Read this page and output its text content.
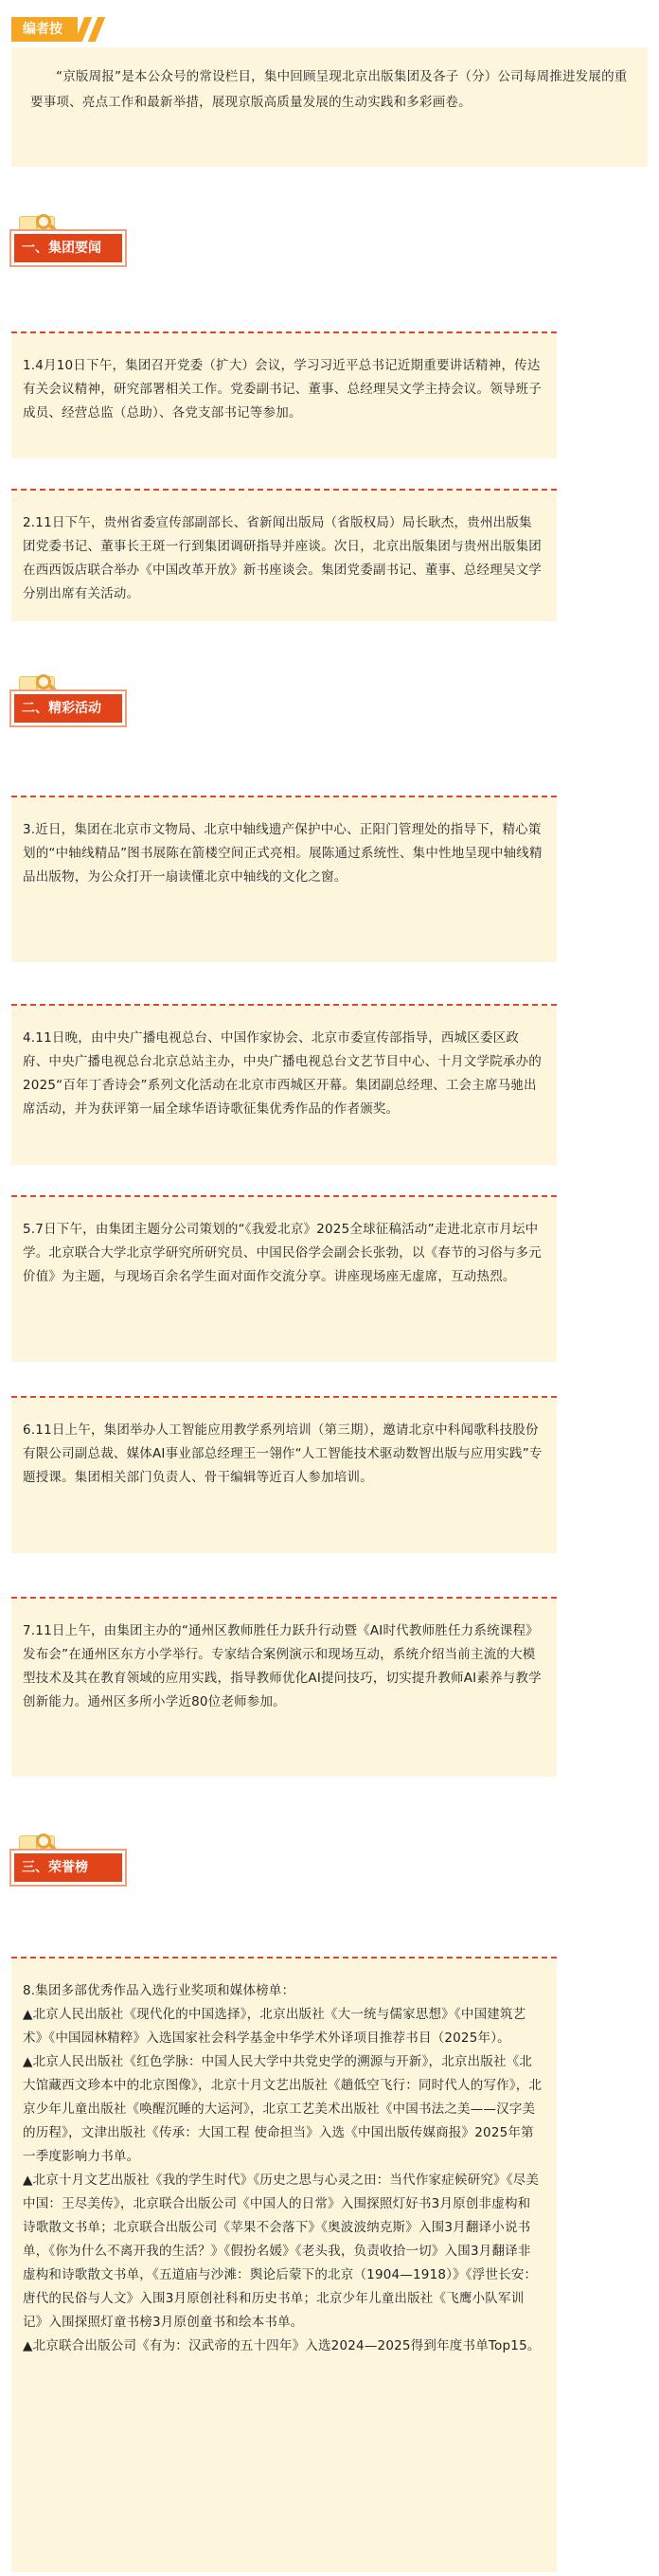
编者按

“京版周报”是本公众号的常设栏目，集中回顾呈现北京出版集团及各子（分）公司每周推进发展的重要事项、亮点工作和最新举措，展现京版高质量发展的生动实践和多彩画卷。

一、集团要闻

1.4月10日下午，集团召开党委（扩大）会议，学习习近平总书记近期重要讲话精神，传达有关会议精神，研究部署相关工作。党委副书记、董事、总经理吴文学主持会议。领导班子成员、经营总监（总助）、各党支部书记等参加。

2.11日下午，贵州省委宣传部副部长、省新闻出版局（省版权局）局长耿杰，贵州出版集团党委书记、董事长王斑一行到集团调研指导并座谈。次日，北京出版集团与贵州出版集团在西西饭店联合举办《中国改革开放》新书座谈会。集团党委副书记、董事、总经理吴文学分别出席有关活动。

二、精彩活动

3.近日，集团在北京市文物局、北京中轴线遗产保护中心、正阳门管理处的指导下，精心策划的“中轴线精品”图书展陈在箭楼空间正式亮相。展陈通过系统性、集中性地呈现中轴线精品出版物，为公众打开一扇读懂北京中轴线的文化之窗。

4.11日晚，由中央广播电视总台、中国作家协会、北京市委宣传部指导，西城区委区政府、中央广播电视总台北京总站主办，中央广播电视总台文艺节目中心、十月文学院承办的2025“百年丁香诗会”系列文化活动在北京市西城区开幕。集团副总经理、工会主席马驰出席活动，并为获评第一届全球华语诗歌征集优秀作品的作者颁奖。

5.7日下午，由集团主题分公司策划的“《我爱北京》2025全球征稿活动”走进北京市月坛中学。北京联合大学北京学研究所研究员、中国民俗学会副会长张勃，以《春节的习俗与多元价值》为主题，与现场百余名学生面对面作交流分享。讲座现场座无虚席，互动热烈。

6.11日上午，集团举办人工智能应用教学系列培训（第三期），邀请北京中科闻歌科技股份有限公司副总裁、媒体AI事业部总经理王一翎作“人工智能技术驱动数智出版与应用实践”专题授课。集团相关部门负责人、骨干编辑等近百人参加培训。

7.11日上午，由集团主办的“通州区教师胜任力跃升行动暨《AI时代教师胜任力系统课程》发布会”在通州区东方小学举行。专家结合案例演示和现场互动，系统介绍当前主流的大模型技术及其在教育领域的应用实践，指导教师优化AI提问技巧，切实提升教师AI素养与教学创新能力。通州区多所小学近80位老师参加。

三、荣誉榜

8.集团多部优秀作品入选行业奖项和媒体榜单：

▲北京人民出版社《现代化的中国选择》，北京出版社《大一统与儒家思想》《中国建筑艺术》《中国园林精粹》入选国家社会科学基金中华学术外译项目推荐书目（2025年）。

▲北京人民出版社《红色学脉：中国人民大学中共党史学的溯源与开新》，北京出版社《北大馆藏西文珍本中的北京图像》，北京十月文艺出版社《趟低空飞行：同时代人的写作》，北京少年儿童出版社《唤醒沉睡的大运河》，北京工艺美术出版社《中国书法之美——汉字美的历程》，文津出版社《传承：大国工程 使命担当》入选《中国出版传媒商报》2025年第一季度影响力书单。

▲北京十月文艺出版社《我的学生时代》《历史之思与心灵之田：当代作家症候研究》《尽美中国：王尽美传》，北京联合出版公司《中国人的日常》入围探照灯好书3月原创非虚构和诗歌散文书单；北京联合出版公司《苹果不会落下》《奥波波纳克斯》入围3月翻译小说书单，《你为什么不离开我的生活？》《假扮名媛》《老头我，负责收拾一切》入围3月翻译非虚构和诗歌散文书单，《五道庙与沙滩：舆论后蒙下的北京（1904—1918）》《浮世长安：唐代的民俗与人文》入围3月原创社科和历史书单；北京少年儿童出版社《飞鹰小队军训记》入围探照灯童书榜3月原创童书和绘本书单。

▲北京联合出版公司《有为：汉武帝的五十四年》入选2024—2025得到年度书单Top15。
